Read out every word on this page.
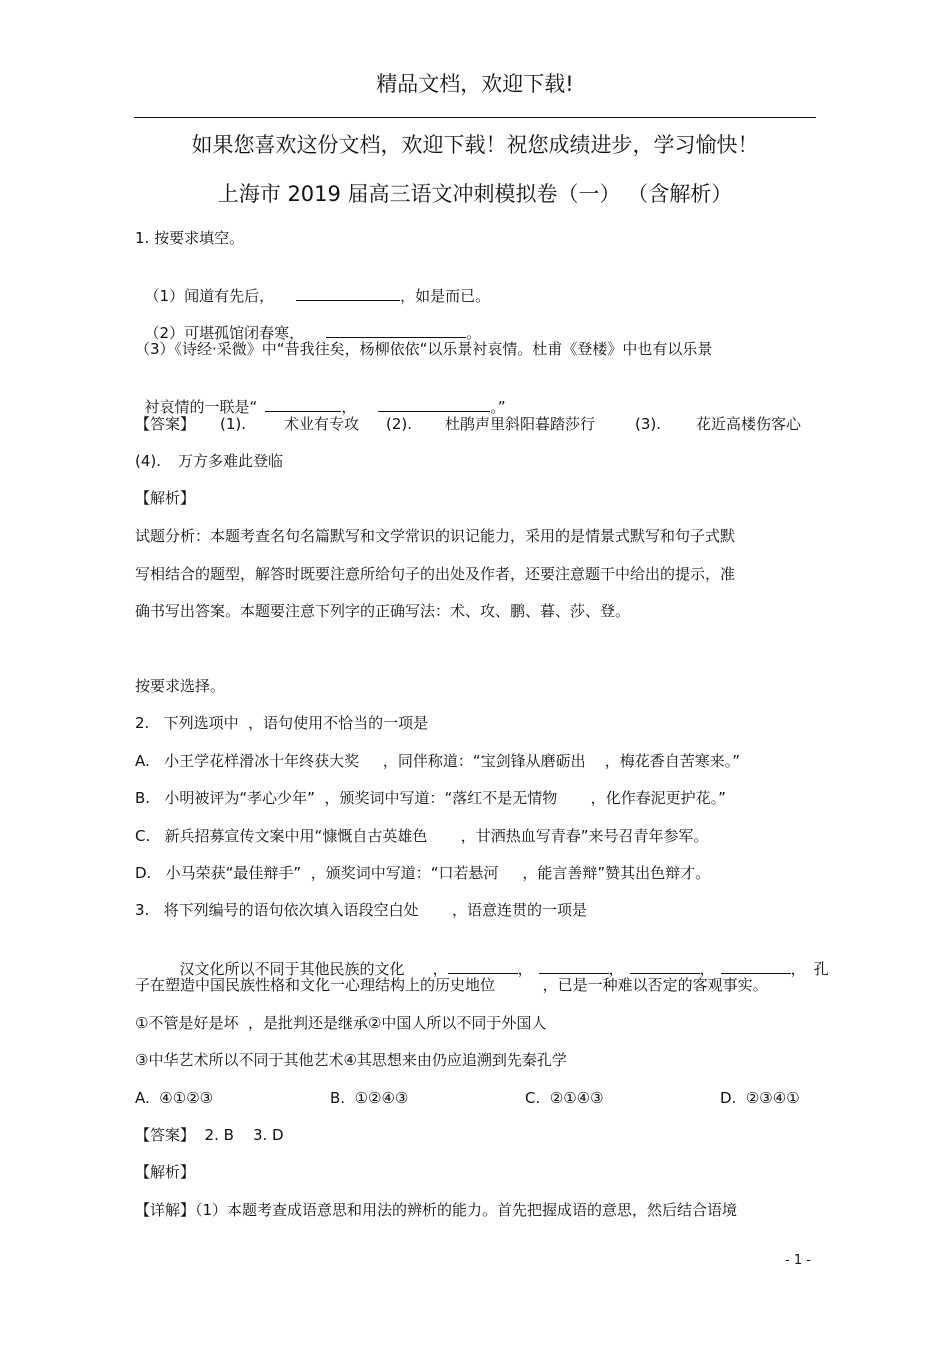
精品文档，欢迎下载!
如果您喜欢这份文档，欢迎下载！祝您成绩进步，学习愉快！
上海市 2019 届高三语文冲刺模拟卷（一） （含解析）
1. 按要求填空。

（1）闻道有先后，	，如是而已。

（2）可堪孤馆闭春寒，	。

（3）《诗经·采微》中“昔我往矣，杨柳依依“以乐景衬哀情。杜甫《登楼》中也有以乐景

衬哀情的一联是“	，	。”

【答案】 (1).	术业有专攻 (2). 杜鹃声里斜阳暮踏莎行	(3). 花近高楼伤客心
(4). 万方多难此登临
【解析】
试题分析：本题考查名句名篇默写和文学常识的识记能力，采用的是情景式默写和句子式默
写相结合的题型，解答时既要注意所给句子的出处及作者，还要注意题干中给出的提示，准
确书写出答案。本题要注意下列字的正确写法：术、攻、鹏、暮、莎、登。
按要求选择。
2.   下列选项中  ，语句使用不恰当的一项是
A.   小王学花样滑冰十年终获大奖     ，同伴称道：“宝剑锋从磨砺出    ，梅花香自苦寒来。”
B.   小明被评为“孝心少年”  ，颁奖词中写道：“落红不是无情物       ，化作春泥更护花。”
C.   新兵招募宣传文案中用“慷慨自古英雄色       ，甘洒热血写青春”来号召青年参军。
D.   小马荣获“最佳辩手”  ，颁奖词中写道：“口若悬河     ，能言善辩”赞其出色辩才。
3.   将下列编号的语句依次填入语段空白处       ，语意连贯的一项是

汉文化所以不同于其他民族的文化 ，	，	，	，	， 孔

子在塑造中国民族性格和文化一心理结构上的历史地位          ，已是一种难以否定的客观事实。
①不管是好是坏  ，是批判还是继承②中国人所以不同于外国人
③中华艺术所以不同于其他艺术④其思想来由仍应追溯到先秦孔学
A.  ④①②③	B.  ①②④③	C.  ②①④③	D.  ②③④①
【答案】  2. B    3. D
【解析】
【详解】（1）本题考查成语意思和用法的辨析的能力。首先把握成语的意思，然后结合语境
- 1 -
